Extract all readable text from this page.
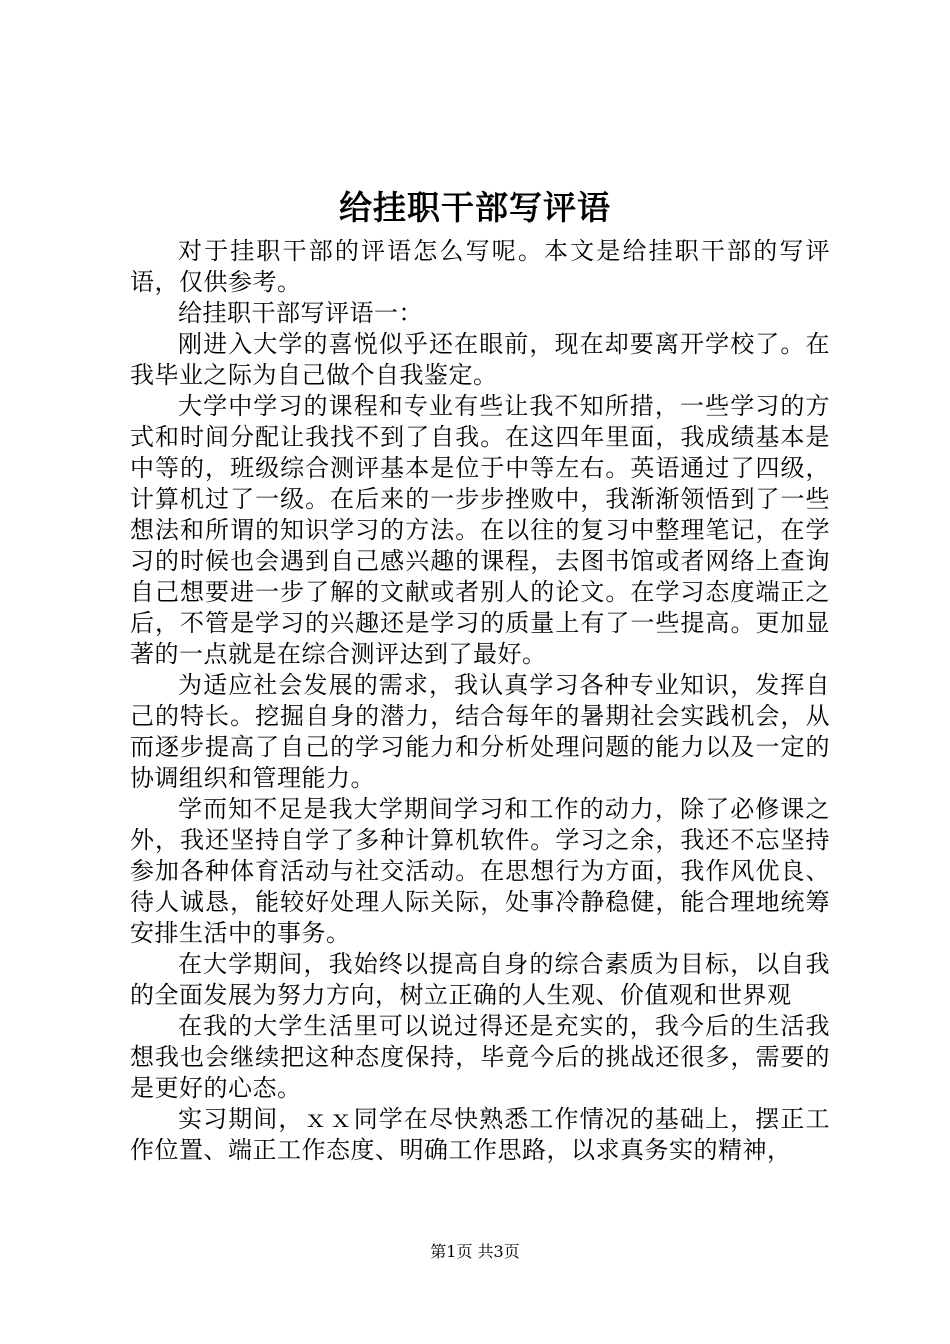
给挂职干部写评语

对于挂职干部的评语怎么写呢。本文是给挂职干部的写评语，仅供参考。

给挂职干部写评语一：

刚进入大学的喜悦似乎还在眼前，现在却要离开学校了。在我毕业之际为自己做个自我鉴定。

大学中学习的课程和专业有些让我不知所措，一些学习的方式和时间分配让我找不到了自我。在这四年里面，我成绩基本是中等的，班级综合测评基本是位于中等左右。英语通过了四级，计算机过了一级。在后来的一步步挫败中，我渐渐领悟到了一些想法和所谓的知识学习的方法。在以往的复习中整理笔记，在学习的时候也会遇到自己感兴趣的课程，去图书馆或者网络上查询自己想要进一步了解的文献或者别人的论文。在学习态度端正之后，不管是学习的兴趣还是学习的质量上有了一些提高。更加显著的一点就是在综合测评达到了最好。

为适应社会发展的需求，我认真学习各种专业知识，发挥自己的特长。挖掘自身的潜力，结合每年的暑期社会实践机会，从而逐步提高了自己的学习能力和分析处理问题的能力以及一定的协调组织和管理能力。

学而知不足是我大学期间学习和工作的动力，除了必修课之外，我还坚持自学了多种计算机软件。学习之余，我还不忘坚持参加各种体育活动与社交活动。在思想行为方面，我作风优良、待人诚恳，能较好处理人际关际，处事冷静稳健，能合理地统筹安排生活中的事务。

在大学期间，我始终以提高自身的综合素质为目标，以自我的全面发展为努力方向，树立正确的人生观、价值观和世界观

在我的大学生活里可以说过得还是充实的，我今后的生活我想我也会继续把这种态度保持，毕竟今后的挑战还很多，需要的是更好的心态。

实习期间，ｘｘ同学在尽快熟悉工作情况的基础上，摆正工作位置、端正工作态度、明确工作思路，以求真务实的精神，

第1页 共3页
